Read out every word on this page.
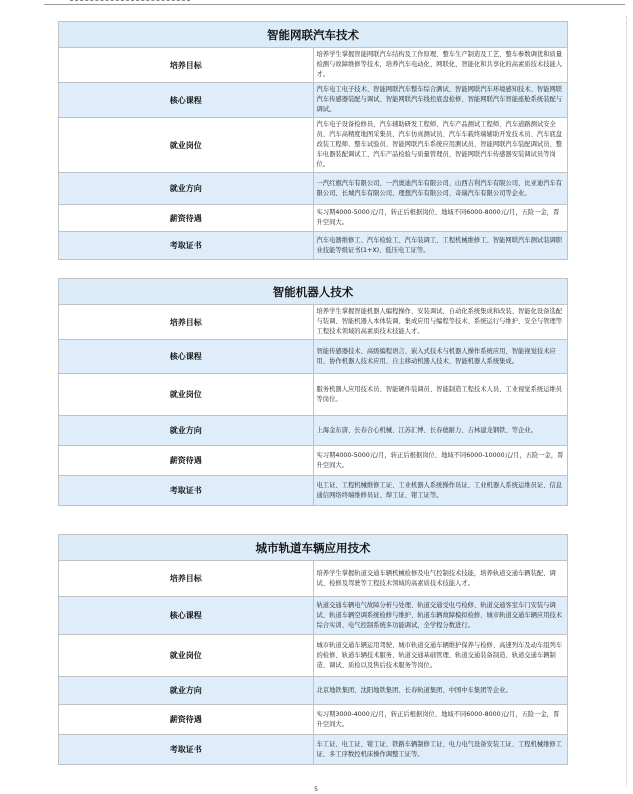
智能网联汽车技术	
培养目标	培养学生掌握智能网联汽车结构及工作原理、整车生产制造及工艺、整车参数调优和质量检测与故障维修等技术，培养汽车电动化、网联化、智能化和共享化的高素质技术技能人才。
核心课程	汽车电工电子技术、智能网联汽车整车综合测试、智能网联汽车环境感知技术、智能网联汽车传感器装配与调试、智能网联汽车线控底盘检修、智能网联汽车智能座舱系统装配与调试。
就业岗位	汽车电子设备检修员、汽车辅助研发工程师、汽车产品测试工程师、汽车道路测试安全员、汽车高精度地图采集员、汽车仿真测试员、汽车车载终端辅助开发技术员、汽车底盘改装工程师、整车试验员、智能网联汽车系统应用测试员、智能网联汽车装配调试员、整车电器装配调试工、汽车产品检验与质量管理员、智能网联汽车传感器安装调试员等岗位。
就业方向	一汽红旗汽车有限公司、一汽奥迪汽车有限公司、山西吉利汽车有限公司、比亚迪汽车有限公司、长城汽车有限公司、理想汽车有限公司、奇瑞汽车有限公司等企业。
薪资待遇	实习期4000-5000元/月，转正后根据岗位、地域不同6000-8000元/月，五险一金，晋升空间大。
考取证书	汽车电器维修工、汽车检验工、汽车装调工、工程机械维修工、智能网联汽车测试装调职业技能等级证书(1+X)、低压电工证等。
智能机器人技术	
培养目标	培养学生掌握智能机器人编程操作、安装调试、自动化系统集成和改装、智能化设备选配与装调、智能机器人本体装调、集成应用与编程等技术、系统运行与维护、安全与管理等工程技术领域的高素质技术技能人才。
核心课程	智能传感器技术、高级编程语言、嵌入式技术与机器人操作系统应用、智能视觉技术应用、协作机器人技术应用、自主移动机器人技术、智能机器人系统集成。
就业岗位	服务机器人应用技术员、智能硬件装调员、智能制造工程技术人员、工业视觉系统运维员等岗位。
就业方向	上海金东唐、长春合心机械、江苏汇博、长春德耐力、吉林建龙钢铁、等企业。
薪资待遇	实习期4000-5000元/月，转正后根据岗位、地域不同6000-10000元/月，五险一金，晋升空间大。
考取证书	电工证、工程机械维修工证、工业机器人系统操作员证、工业机器人系统运维员证、信息通信网络终端维修员证、焊工证、钳工证等。
城市轨道车辆应用技术	
培养目标	培养学生掌握轨道交通车辆机械检修及电气控制技术技能，培养轨道交通车辆装配、调试、检修及驾驶等工程技术领域的高素质技术技能人才。
核心课程	轨道交通车辆电气故障分析与处理、轨道交通受电弓检修、轨道交通客室车门安装与调试、轨道车辆空调系统检修与维护、轨道车辆故障模拟检修、城市轨道交通车辆应用技术综合实训、电气控制系统多功能调试，全学程分数进行。
就业岗位	城市轨道交通车辆运用驾驶、城市轨道交通车辆维护保养与检修、高速列车及动车组列车的检修、轨道车辆技术服务、轨道交通基础管理、轨道交通装备制造、轨道交通车辆制造、调试、质检以及售后技术服务等岗位。
就业方向	北京地铁集团、沈阳地铁集团、长春轨道集团、中国中车集团等企业。
薪资待遇	实习期3000-4000元/月，转正后根据岗位、地域不同6000-8000元/月，五险一金，晋升空间大。
考取证书	车工证、电工证、钳工证、铁路车辆制修工证、电力电气设备安装工证、工程机械维修工证、多工序数控机床操作调整工证等。
5
